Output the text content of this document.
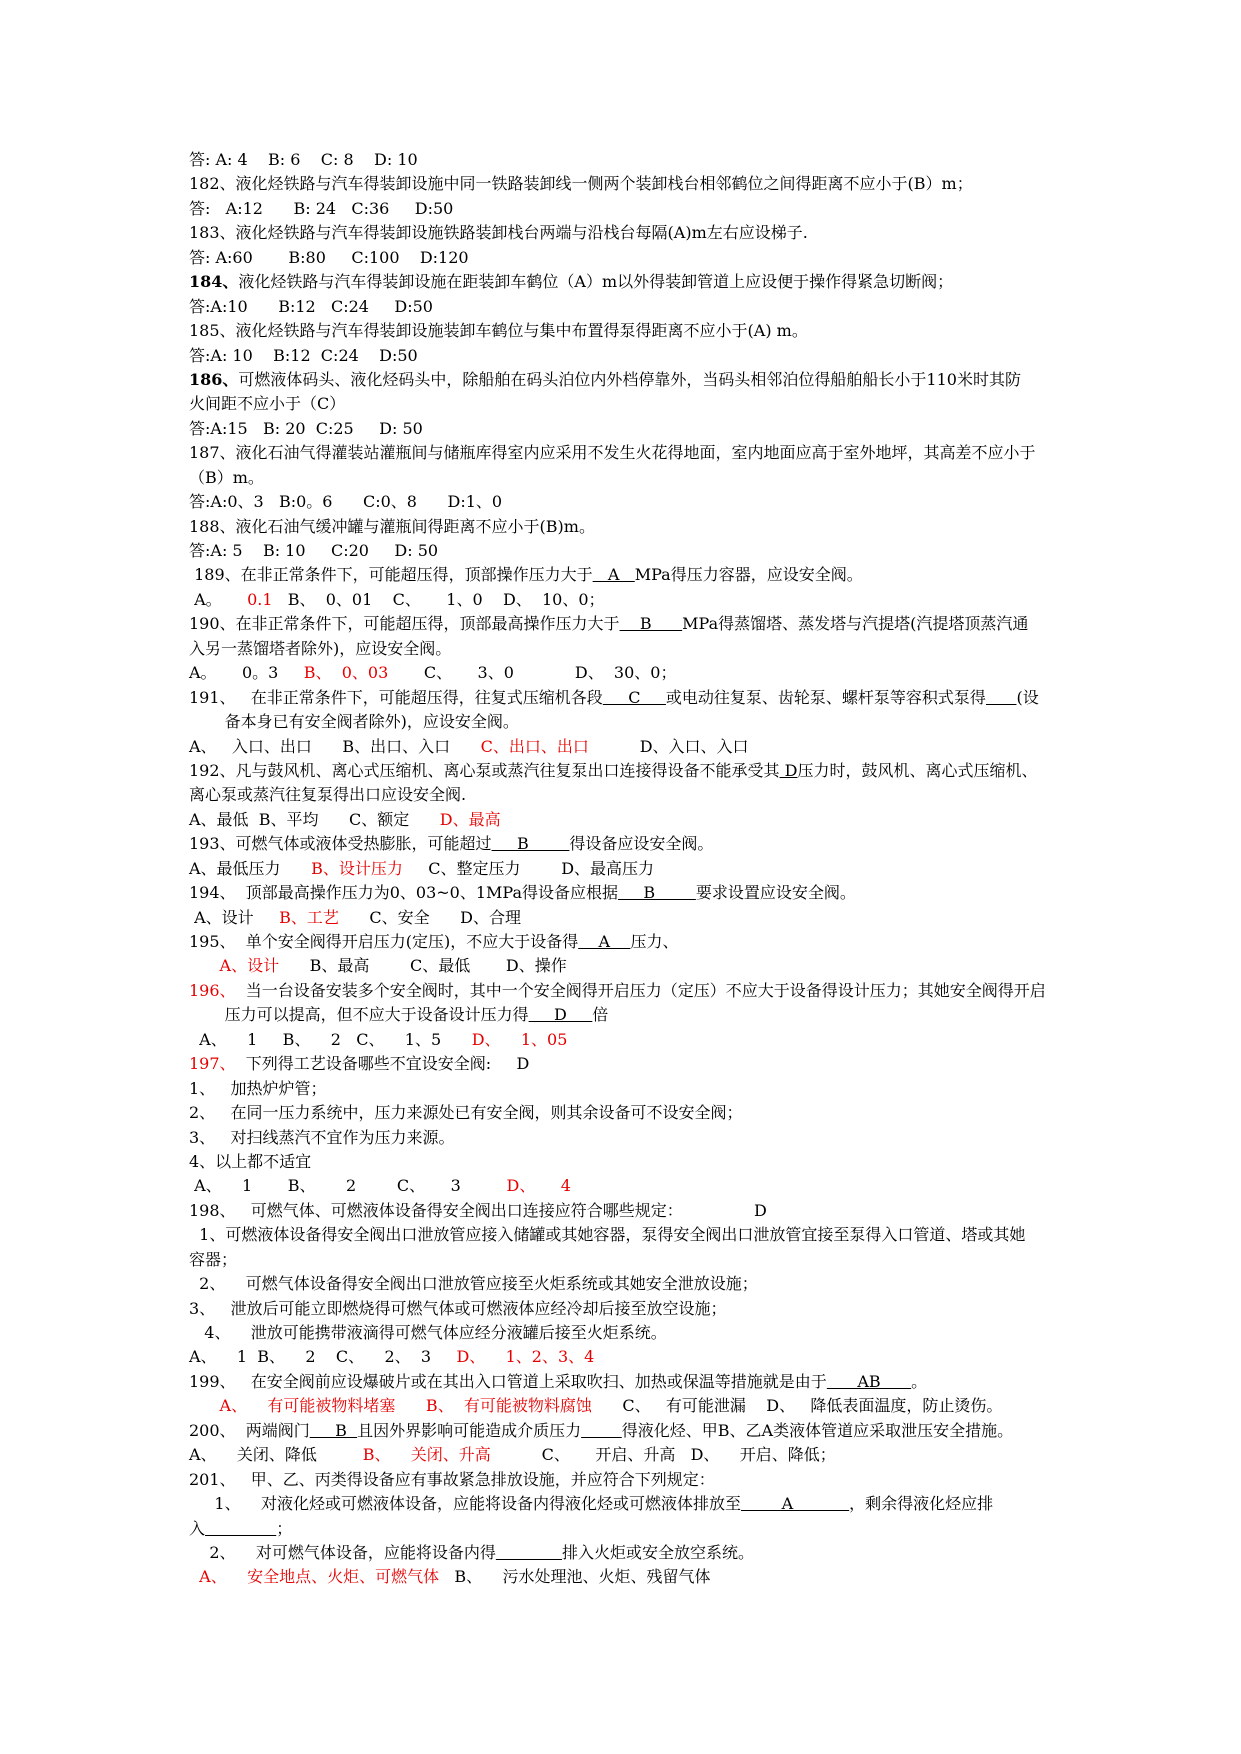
答: A: 4    B: 6    C: 8    D: 10
182、液化烃铁路与汽车得装卸设施中同一铁路装卸线一侧两个装卸栈台相邻鹤位之间得距离不应小于(B）m；
答:   A:12      B: 24   C:36     D:50
183、液化烃铁路与汽车得装卸设施铁路装卸栈台两端与沿栈台每隔(A)m左右应设梯子.
答: A:60       B:80     C:100    D:120
184、液化烃铁路与汽车得装卸设施在距装卸车鹤位（A）m以外得装卸管道上应设便于操作得紧急切断阀；
答:A:10      B:12   C:24     D:50
185、液化烃铁路与汽车得装卸设施装卸车鹤位与集中布置得泵得距离不应小于(A) m。
答:A: 10    B:12  C:24    D:50
186、可燃液体码头、液化烃码头中，除船舶在码头泊位内外档停靠外，当码头相邻泊位得船舶船长小于110米时其防
火间距不应小于（C）
答:A:15   B: 20  C:25     D: 50
187、液化石油气得灌装站灌瓶间与储瓶库得室内应采用不发生火花得地面，室内地面应高于室外地坪，其高差不应小于
（B）m。
答:A:0、3   B:0。6      C:0、8      D:1、0
188、液化石油气缓冲罐与灌瓶间得距离不应小于(B)m。
答:A: 5    B: 10     C:20     D: 50
189、在非正常条件下，可能超压得，顶部操作压力大于   A   MPa得压力容器，应设安全阀。
A。     0.1   B、  0、01    C、     1、0    D、  10、0；
190、在非正常条件下，可能超压得，顶部最高操作压力大于    B      MPa得蒸馏塔、蒸发塔与汽提塔(汽提塔顶蒸汽通
入另一蒸馏塔者除外)，应设安全阀。
A。     0。3     B、  0、03       C、     3、0            D、  30、0；
191、   在非正常条件下，可能超压得，往复式压缩机各段     C     或电动往复泵、齿轮泵、螺杆泵等容积式泵得 (设
备本身已有安全阀者除外)，应设安全阀。
A、   入口、出口      B、出口、入口      C、出口、出口          D、入口、入口
192、凡与鼓风机、离心式压缩机、离心泵或蒸汽往复泵出口连接得设备不能承受其 D压力时，鼓风机、离心式压缩机、
离心泵或蒸汽往复泵得出口应设安全阀.
A、最低  B、平均      C、额定      D、最高
193、可燃气体或液体受热膨胀，可能超过     B        得设备应设安全阀。
A、最低压力      B、设计压力     C、整定压力        D、最高压力
194、  顶部最高操作压力为0、03~0、1MPa得设备应根据     B        要求设置应设安全阀。
A、设计     B、工艺      C、安全      D、合理
195、  单个安全阀得开启压力(定压)，不应大于设备得    A    压力、
A、设计      B、最高        C、最低       D、操作
196、  当一台设备安装多个安全阀时，其中一个安全阀得开启压力（定压）不应大于设备得设计压力；其她安全阀得开启
压力可以提高，但不应大于设备设计压力得     D     倍
A、    1     B、    2   C、    1、5      D、    1、05
197、  下列得工艺设备哪些不宜设安全阀:     D
1、   加热炉炉管；
2、   在同一压力系统中，压力来源处已有安全阀，则其余设备可不设安全阀；
3、   对扫线蒸汽不宜作为压力来源。
4、以上都不适宜
A、    1       B、      2        C、     3         D、     4
198、   可燃气体、可燃液体设备得安全阀出口连接应符合哪些规定：              D
1、可燃液体设备得安全阀出口泄放管应接入储罐或其她容器，泵得安全阀出口泄放管宜接至泵得入口管道、塔或其她
容器；
2、    可燃气体设备得安全阀出口泄放管应接至火炬系统或其她安全泄放设施；
3、   泄放后可能立即燃烧得可燃气体或可燃液体应经冷却后接至放空设施；
4、    泄放可能携带液滴得可燃气体应经分液罐后接至火炬系统。
A、    1  B、    2    C、    2、  3     D、    1、2、3、4
199、   在安全阀前应设爆破片或在其出入口管道上采取吹扫、加热或保温等措施就是由于      AB      。
A、    有可能被物料堵塞      B、  有可能被物料腐蚀      C、   有可能泄漏    D、   降低表面温度，防止烫伤。
200、  两端阀门     B  且因外界影响可能造成介质压力	得液化烃、甲B、乙A类液体管道应采取泄压安全措施。
A、    关闭、降低         B、    关闭、升高          C、     开启、升高   D、    开启、降低；
201、   甲、乙、丙类得设备应有事故紧急排放设施，并应符合下列规定：
1、    对液化烃或可燃液体设备，应能将设备内得液化烃或可燃液体排放至        A           ，剩余得液化烃应排
入	；
2、    对可燃气体设备，应能将设备内得	排入火炬或安全放空系统。
A、    安全地点、火炬、可燃气体   B、    污水处理池、火炬、残留气体
